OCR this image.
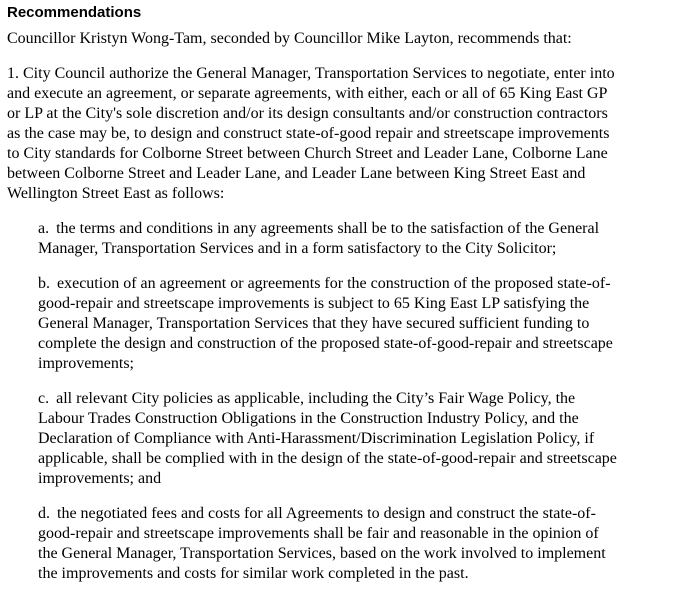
Recommendations

Councillor Kristyn Wong-Tam, seconded by Councillor Mike Layton, recommends that:

1. City Council authorize the General Manager, Transportation Services to negotiate, enter into and execute an agreement, or separate agreements, with either, each or all of 65 King East GP or LP at the City's sole discretion and/or its design consultants and/or construction contractors as the case may be, to design and construct state-of-good repair and streetscape improvements to City standards for Colborne Street between Church Street and Leader Lane, Colborne Lane between Colborne Street and Leader Lane, and Leader Lane between King Street East and Wellington Street East as follows:

a. the terms and conditions in any agreements shall be to the satisfaction of the General Manager, Transportation Services and in a form satisfactory to the City Solicitor;

b. execution of an agreement or agreements for the construction of the proposed state-of-good-repair and streetscape improvements is subject to 65 King East LP satisfying the General Manager, Transportation Services that they have secured sufficient funding to complete the design and construction of the proposed state-of-good-repair and streetscape improvements;

c. all relevant City policies as applicable, including the City’s Fair Wage Policy, the Labour Trades Construction Obligations in the Construction Industry Policy, and the Declaration of Compliance with Anti-Harassment/Discrimination Legislation Policy, if applicable, shall be complied with in the design of the state-of-good-repair and streetscape improvements; and

d. the negotiated fees and costs for all Agreements to design and construct the state-of-good-repair and streetscape improvements shall be fair and reasonable in the opinion of the General Manager, Transportation Services, based on the work involved to implement the improvements and costs for similar work completed in the past.
